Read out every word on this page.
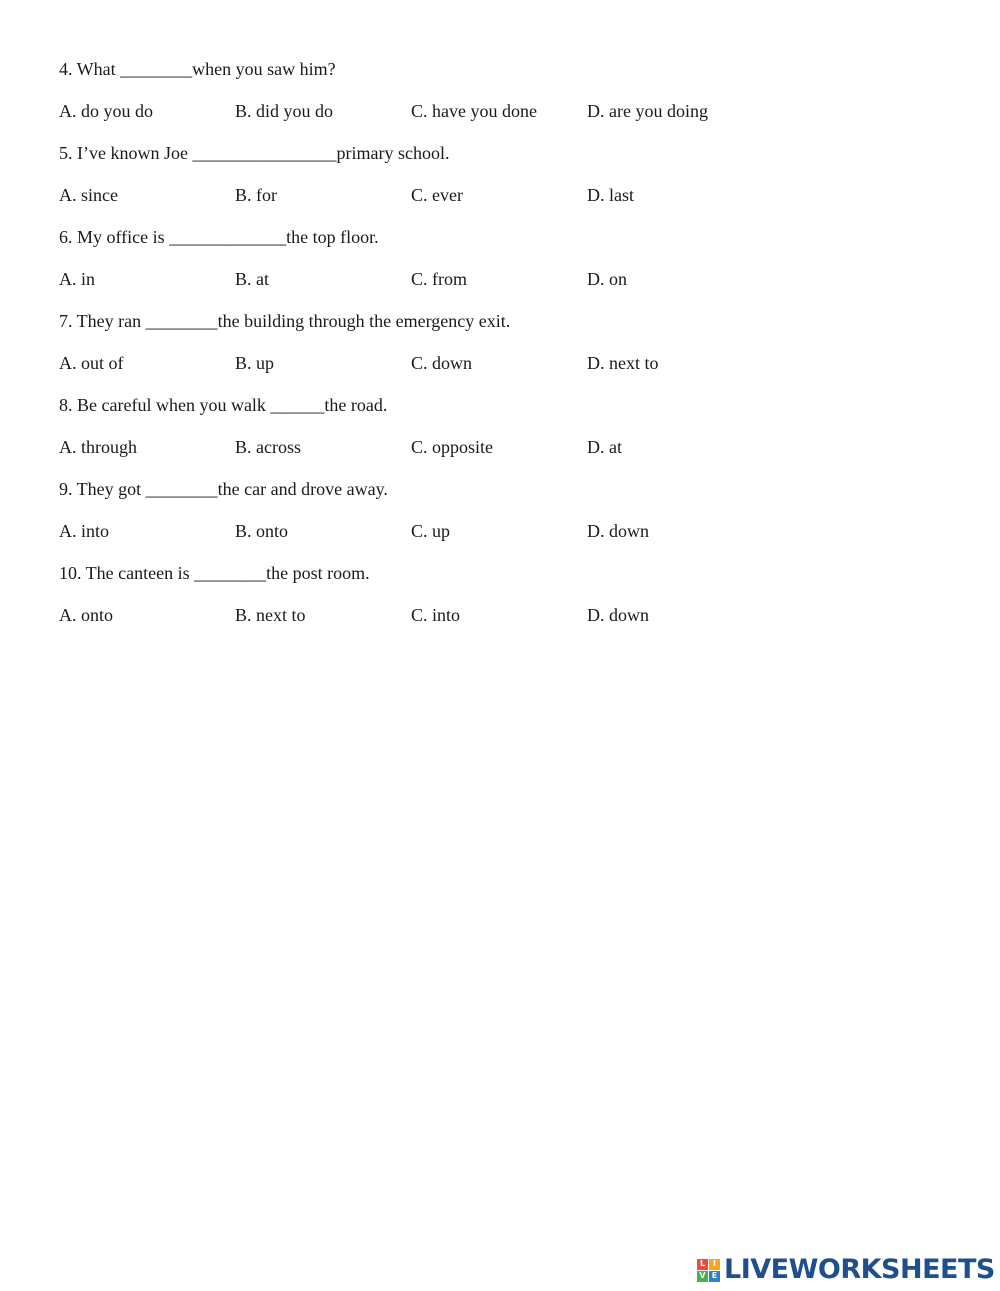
4. What ________when you saw him?
A. do you do	B. did you do	C. have you done	D. are you doing
5. I’ve known Joe ________________primary school.
A. since	B. for	C. ever	D. last
6. My office is _____________the top floor.
A. in	B. at	C. from	D. on
7. They ran ________the building through the emergency exit.
A. out of	B. up	C. down	D. next to
8. Be careful when you walk ______the road.
A. through	B. across	C. opposite	D. at
9. They got ________the car and drove away.
A. into	B. onto	C. up	D. down
10. The canteen is ________the post room.
A. onto	B. next to	C. into	D. down
L I
V E LIVEWORKSHEETS
